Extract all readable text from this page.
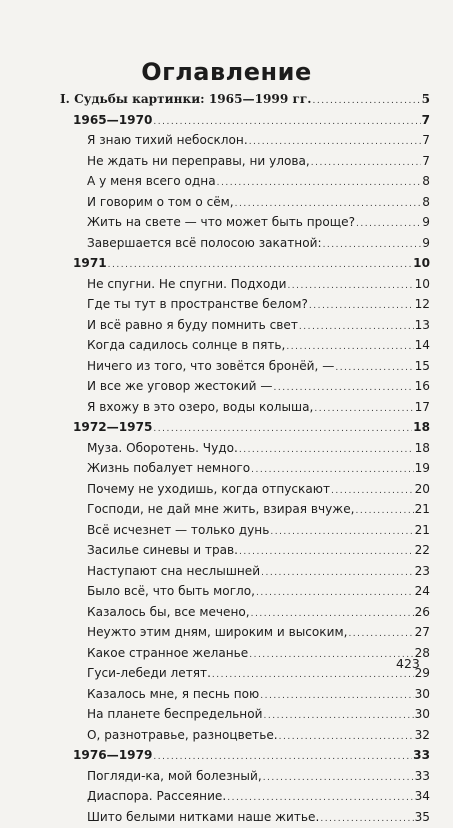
Оглавление
I. Судьбы картинки: 1965—1999 гг. .....	5
1965—1970 .....	7
Я знаю тихий небосклон. .....	7
Не ждать ни переправы, ни улова, .....	7
А у меня всего одна .....	8
И говорим о том о сём, .....	8
Жить на свете — что может быть проще? .....	9
Завершается всё полосою закатной: .....	9
1971 .....	10
Не спугни. Не спугни. Подходи .....	10
Где ты тут в пространстве белом? .....	12
И всё равно я буду помнить свет .....	13
Когда садилось солнце в пять, .....	14
Ничего из того, что зовётся бронёй, — .....	15
И все же уговор жестокий — .....	16
Я вхожу в это озеро, воды колыша, .....	17
1972—1975 .....	18
Муза. Оборотень. Чудо. .....	18
Жизнь побалует немного .....	19
Почему не уходишь, когда отпускают .....	20
Господи, не дай мне жить, взирая вчуже, .....	21
Всё исчезнет — только дунь .....	21
Засилье синевы и трав. .....	22
Наступают сна неслышней .....	23
Было всё, что быть могло, .....	24
Казалось бы, все мечено, .....	26
Неужто этим дням, широким и высоким, .....	27
Какое странное желанье .....	28
Гуси-лебеди летят. .....	29
Казалось мне, я песнь пою .....	30
На планете беспредельной .....	30
О, разнотравье, разноцветье. .....	32
1976—1979 .....	33
Погляди-ка, мой болезный, .....	33
Диаспора. Рассеяние. .....	34
Шито белыми нитками наше житье. .....	35
423
